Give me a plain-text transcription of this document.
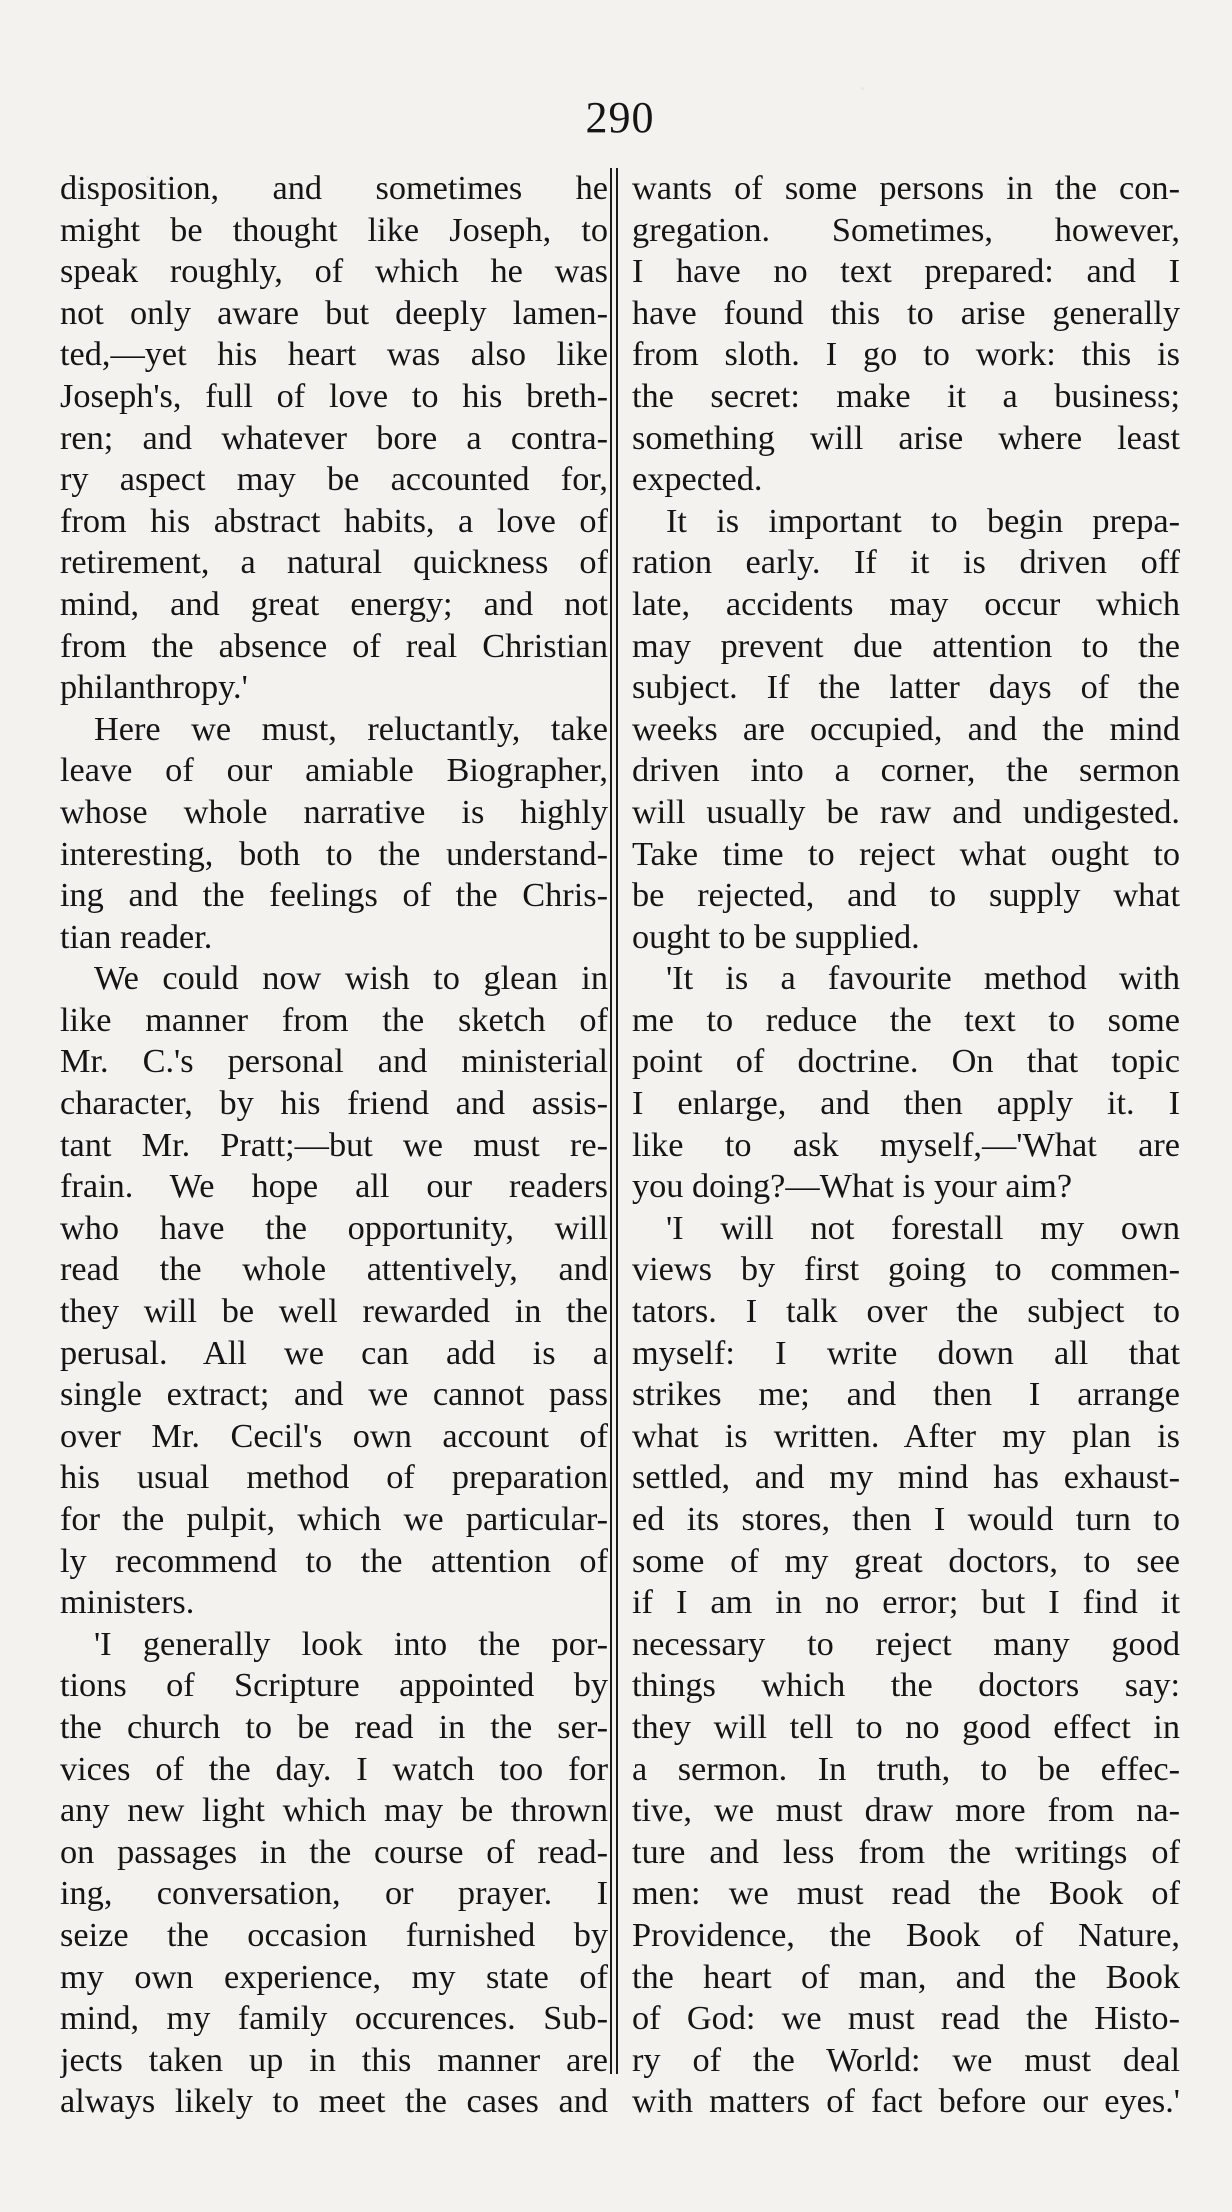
290
disposition, and sometimes he
might be thought like Joseph, to
speak roughly, of which he was
not only aware but deeply lamen-
ted,—yet his heart was also like
Joseph's, full of love to his breth-
ren; and whatever bore a contra-
ry aspect may be accounted for,
from his abstract habits, a love of
retirement, a natural quickness of
mind, and great energy; and not
from the absence of real Christian
philanthropy.'
Here we must, reluctantly, take
leave of our amiable Biographer,
whose whole narrative is highly
interesting, both to the understand-
ing and the feelings of the Chris-
tian reader.
We could now wish to glean in
like manner from the sketch of
Mr. C.'s personal and ministerial
character, by his friend and assis-
tant Mr. Pratt;—but we must re-
frain. We hope all our readers
who have the opportunity, will
read the whole attentively, and
they will be well rewarded in the
perusal. All we can add is a
single extract; and we cannot pass
over Mr. Cecil's own account of
his usual method of preparation
for the pulpit, which we particular-
ly recommend to the attention of
ministers.
'I generally look into the por-
tions of Scripture appointed by
the church to be read in the ser-
vices of the day. I watch too for
any new light which may be thrown
on passages in the course of read-
ing, conversation, or prayer. I
seize the occasion furnished by
my own experience, my state of
mind, my family occurences. Sub-
jects taken up in this manner are
always likely to meet the cases and
wants of some persons in the con-
gregation. Sometimes, however,
I have no text prepared: and I
have found this to arise generally
from sloth. I go to work: this is
the secret: make it a business;
something will arise where least
expected.
It is important to begin prepa-
ration early. If it is driven off
late, accidents may occur which
may prevent due attention to the
subject. If the latter days of the
weeks are occupied, and the mind
driven into a corner, the sermon
will usually be raw and undigested.
Take time to reject what ought to
be rejected, and to supply what
ought to be supplied.
'It is a favourite method with
me to reduce the text to some
point of doctrine. On that topic
I enlarge, and then apply it. I
like to ask myself,—'What are
you doing?—What is your aim?
'I will not forestall my own
views by first going to commen-
tators. I talk over the subject to
myself: I write down all that
strikes me; and then I arrange
what is written. After my plan is
settled, and my mind has exhaust-
ed its stores, then I would turn to
some of my great doctors, to see
if I am in no error; but I find it
necessary to reject many good
things which the doctors say:
they will tell to no good effect in
a sermon. In truth, to be effec-
tive, we must draw more from na-
ture and less from the writings of
men: we must read the Book of
Providence, the Book of Nature,
the heart of man, and the Book
of God: we must read the Histo-
ry of the World: we must deal
with matters of fact before our eyes.'
